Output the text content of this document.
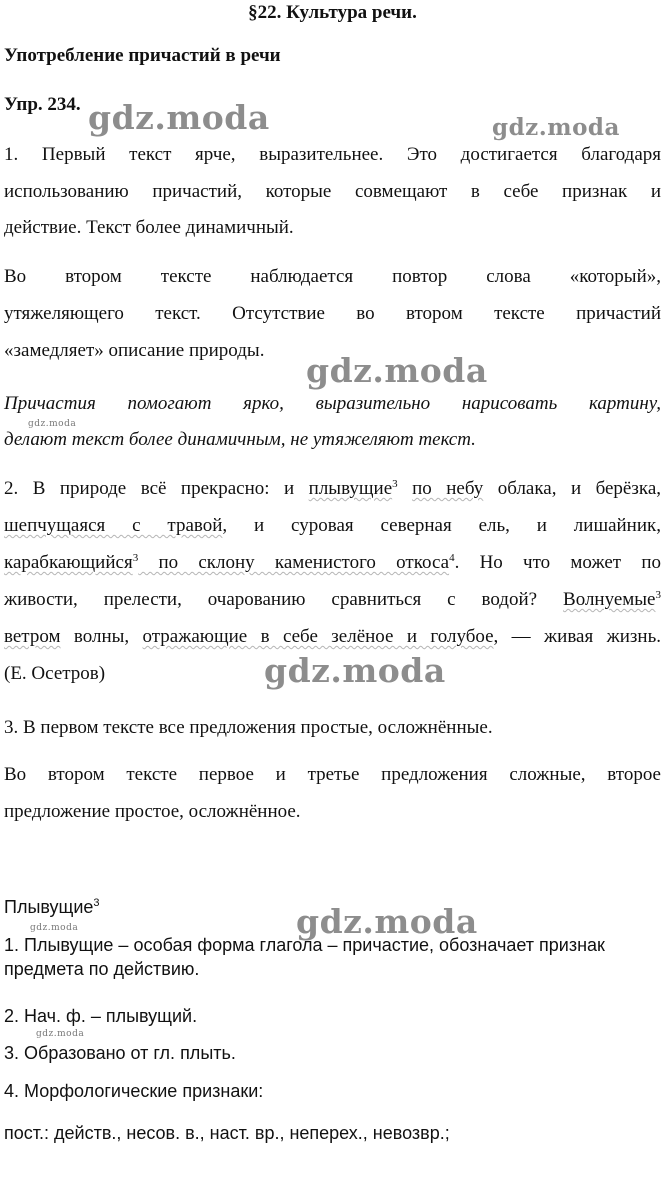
§22. Культура речи.
Употребление причастий в речи
Упр. 234.
1. Первый текст ярче, выразительнее. Это достигается благодаря
использованию причастий, которые совмещают в себе признак и
действие. Текст более динамичный.
Во втором тексте наблюдается повтор слова «который»,
утяжеляющего текст. Отсутствие во втором тексте причастий
«замедляет» описание природы.
Причастия помогают ярко, выразительно нарисовать картину,
делают текст более динамичным, не утяжеляют текст.
2. В природе всё прекрасно: и плывущие$^3$ по небу облака, и берёзка,
шепчущаяся с травой, и суровая северная ель, и лишайник,
карабкающийся$^3$ по склону каменистого откоса$^4$. Но что может по
живости, прелести, очарованию сравниться с водой? Волнуемые$^3$
ветром волны, отражающие в себе зелёное и голубое, — живая жизнь.
(Е. Осетров)
3. В первом тексте все предложения простые, осложнённые.
Во втором тексте первое и третье предложения сложные, второе
предложение простое, осложнённое.
Плывущие$^3$
1. Плывущие – особая форма глагола – причастие, обозначает признак
предмета по действию.
2. Нач. ф. – плывущий.
3. Образовано от гл. плыть.
4. Морфологические признаки:
пост.: действ., несов. в., наст. вр., неперех., невозвр.;
gdz.moda	gdz.moda
gdz.moda
gdz.moda
gdz.moda
gdz.moda
gdz.moda
gdz.moda
